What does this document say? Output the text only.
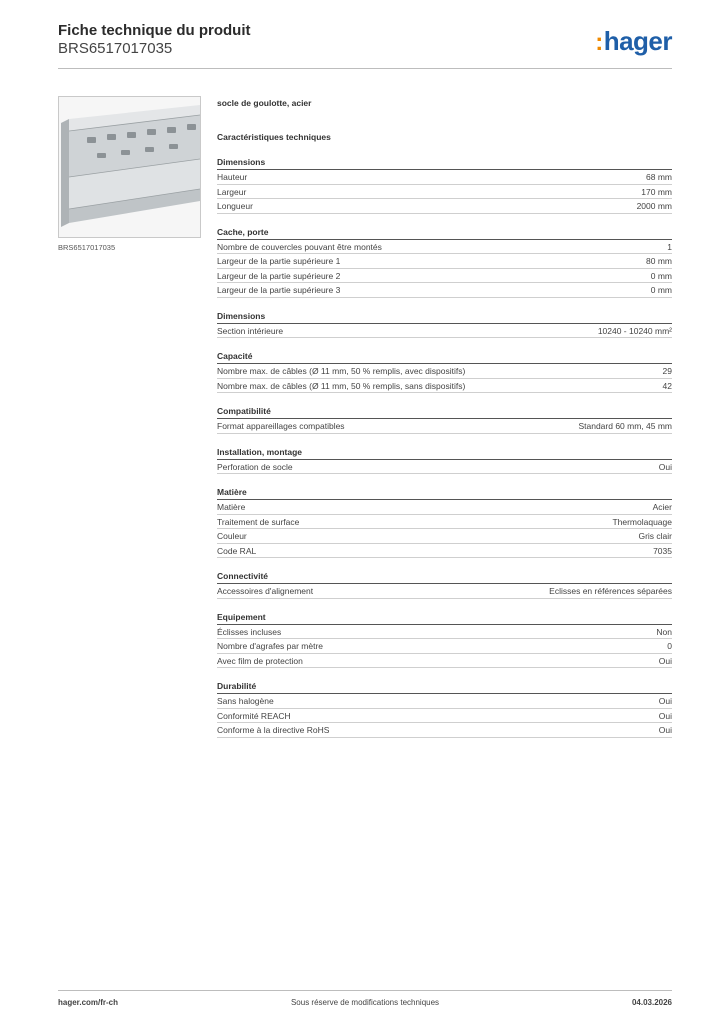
Fiche technique du produit
BRS6517017035	:hager
BRS6517017035
socle de goulotte, acier
Caractéristiques techniques
Dimensions
Hauteur	68 mm
Largeur	170 mm
Longueur	2000 mm
Cache, porte
Nombre de couvercles pouvant être montés	1
Largeur de la partie supérieure 1	80 mm
Largeur de la partie supérieure 2	0 mm
Largeur de la partie supérieure 3	0 mm
Dimensions
Section intérieure	10240 - 10240 mm²
Capacité
Nombre max. de câbles (Ø 11 mm, 50 % remplis, avec dispositifs)	29
Nombre max. de câbles (Ø 11 mm, 50 % remplis, sans dispositifs)	42
Compatibilité
Format appareillages compatibles	Standard 60 mm, 45 mm
Installation, montage
Perforation de socle	Oui
Matière
Matière	Acier
Traitement de surface	Thermolaquage
Couleur	Gris clair
Code RAL	7035
Connectivité
Accessoires d'alignement	Eclisses en références séparées
Equipement
Éclisses incluses	Non
Nombre d'agrafes par mètre	0
Avec film de protection	Oui
Durabilité
Sans halogène	Oui
Conformité REACH	Oui
Conforme à la directive RoHS	Oui
hager.com/fr-ch	Sous réserve de modifications techniques	04.03.2026
